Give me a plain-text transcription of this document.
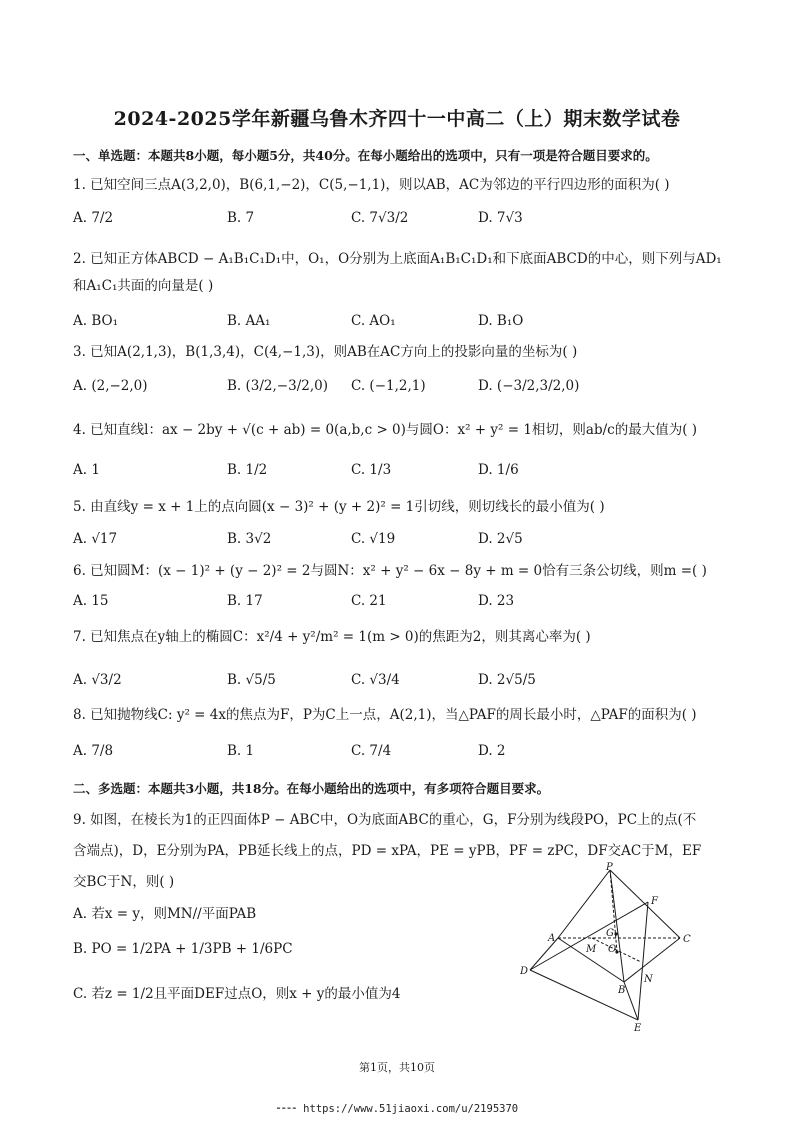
2024-2025学年新疆乌鲁木齐四十一中高二（上）期末数学试卷
一、单选题：本题共8小题，每小题5分，共40分。在每小题给出的选项中，只有一项是符合题目要求的。
1. 已知空间三点A(3,2,0)，B(6,1,−2)，C(5,−1,1)，则以AB，AC为邻边的平行四边形的面积为( )
A. 7/2	B. 7	C. 7√3/2	D. 7√3
2. 已知正方体ABCD − A₁B₁C₁D₁中，O₁，O分别为上底面A₁B₁C₁D₁和下底面ABCD的中心，则下列与AD₁
和A₁C₁共面的向量是( )
A. BO₁	B. AA₁	C. AO₁	D. B₁O
3. 已知A(2,1,3)，B(1,3,4)，C(4,−1,3)，则AB在AC方向上的投影向量的坐标为( )
A. (2,−2,0)	B. (3/2,−3/2,0) C. (−1,2,1)	D. (−3/2,3/2,0)
4. 已知直线l：ax − 2by + √(c + ab) = 0(a,b,c > 0)与圆O：x² + y² = 1相切，则ab/c的最大值为( )
A. 1	B. 1/2	C. 1/3	D. 1/6
5. 由直线y = x + 1上的点向圆(x − 3)² + (y + 2)² = 1引切线，则切线长的最小值为( )
A. √17	B. 3√2	C. √19	D. 2√5
6. 已知圆M：(x − 1)² + (y − 2)² = 2与圆N：x² + y² − 6x − 8y + m = 0恰有三条公切线，则m =( )
A. 15	B. 17	C. 21	D. 23
7. 已知焦点在y轴上的椭圆C：x²/4 + y²/m² = 1(m > 0)的焦距为2，则其离心率为( )
A. √3/2	B. √5/5	C. √3/4	D. 2√5/5
8. 已知抛物线C: y² = 4x的焦点为F，P为C上一点，A(2,1)，当△PAF的周长最小时，△PAF的面积为( )
A. 7/8	B. 1	C. 7/4	D. 2
二、多选题：本题共3小题，共18分。在每小题给出的选项中，有多项符合题目要求。
9. 如图，在棱长为1的正四面体P − ABC中，O为底面ABC的重心，G，F分别为线段PO，PC上的点(不
含端点)，D，E分别为PA，PB延长线上的点，PD = xPA，PE = yPB，PF = zPC，DF交AC于M，EF
交BC于N，则( )
A. 若x = y，则MN//平面PAB
B. PO = 1/2PA + 1/3PB + 1/6PC
C. 若z = 1/2且平面DEF过点O，则x + y的最小值为4
P
F
A	G
M O
C
D
N
B
E
第1页，共10页
⁃⁃⁃⁃ https://www.51jiaoxi.com/u/2195370
